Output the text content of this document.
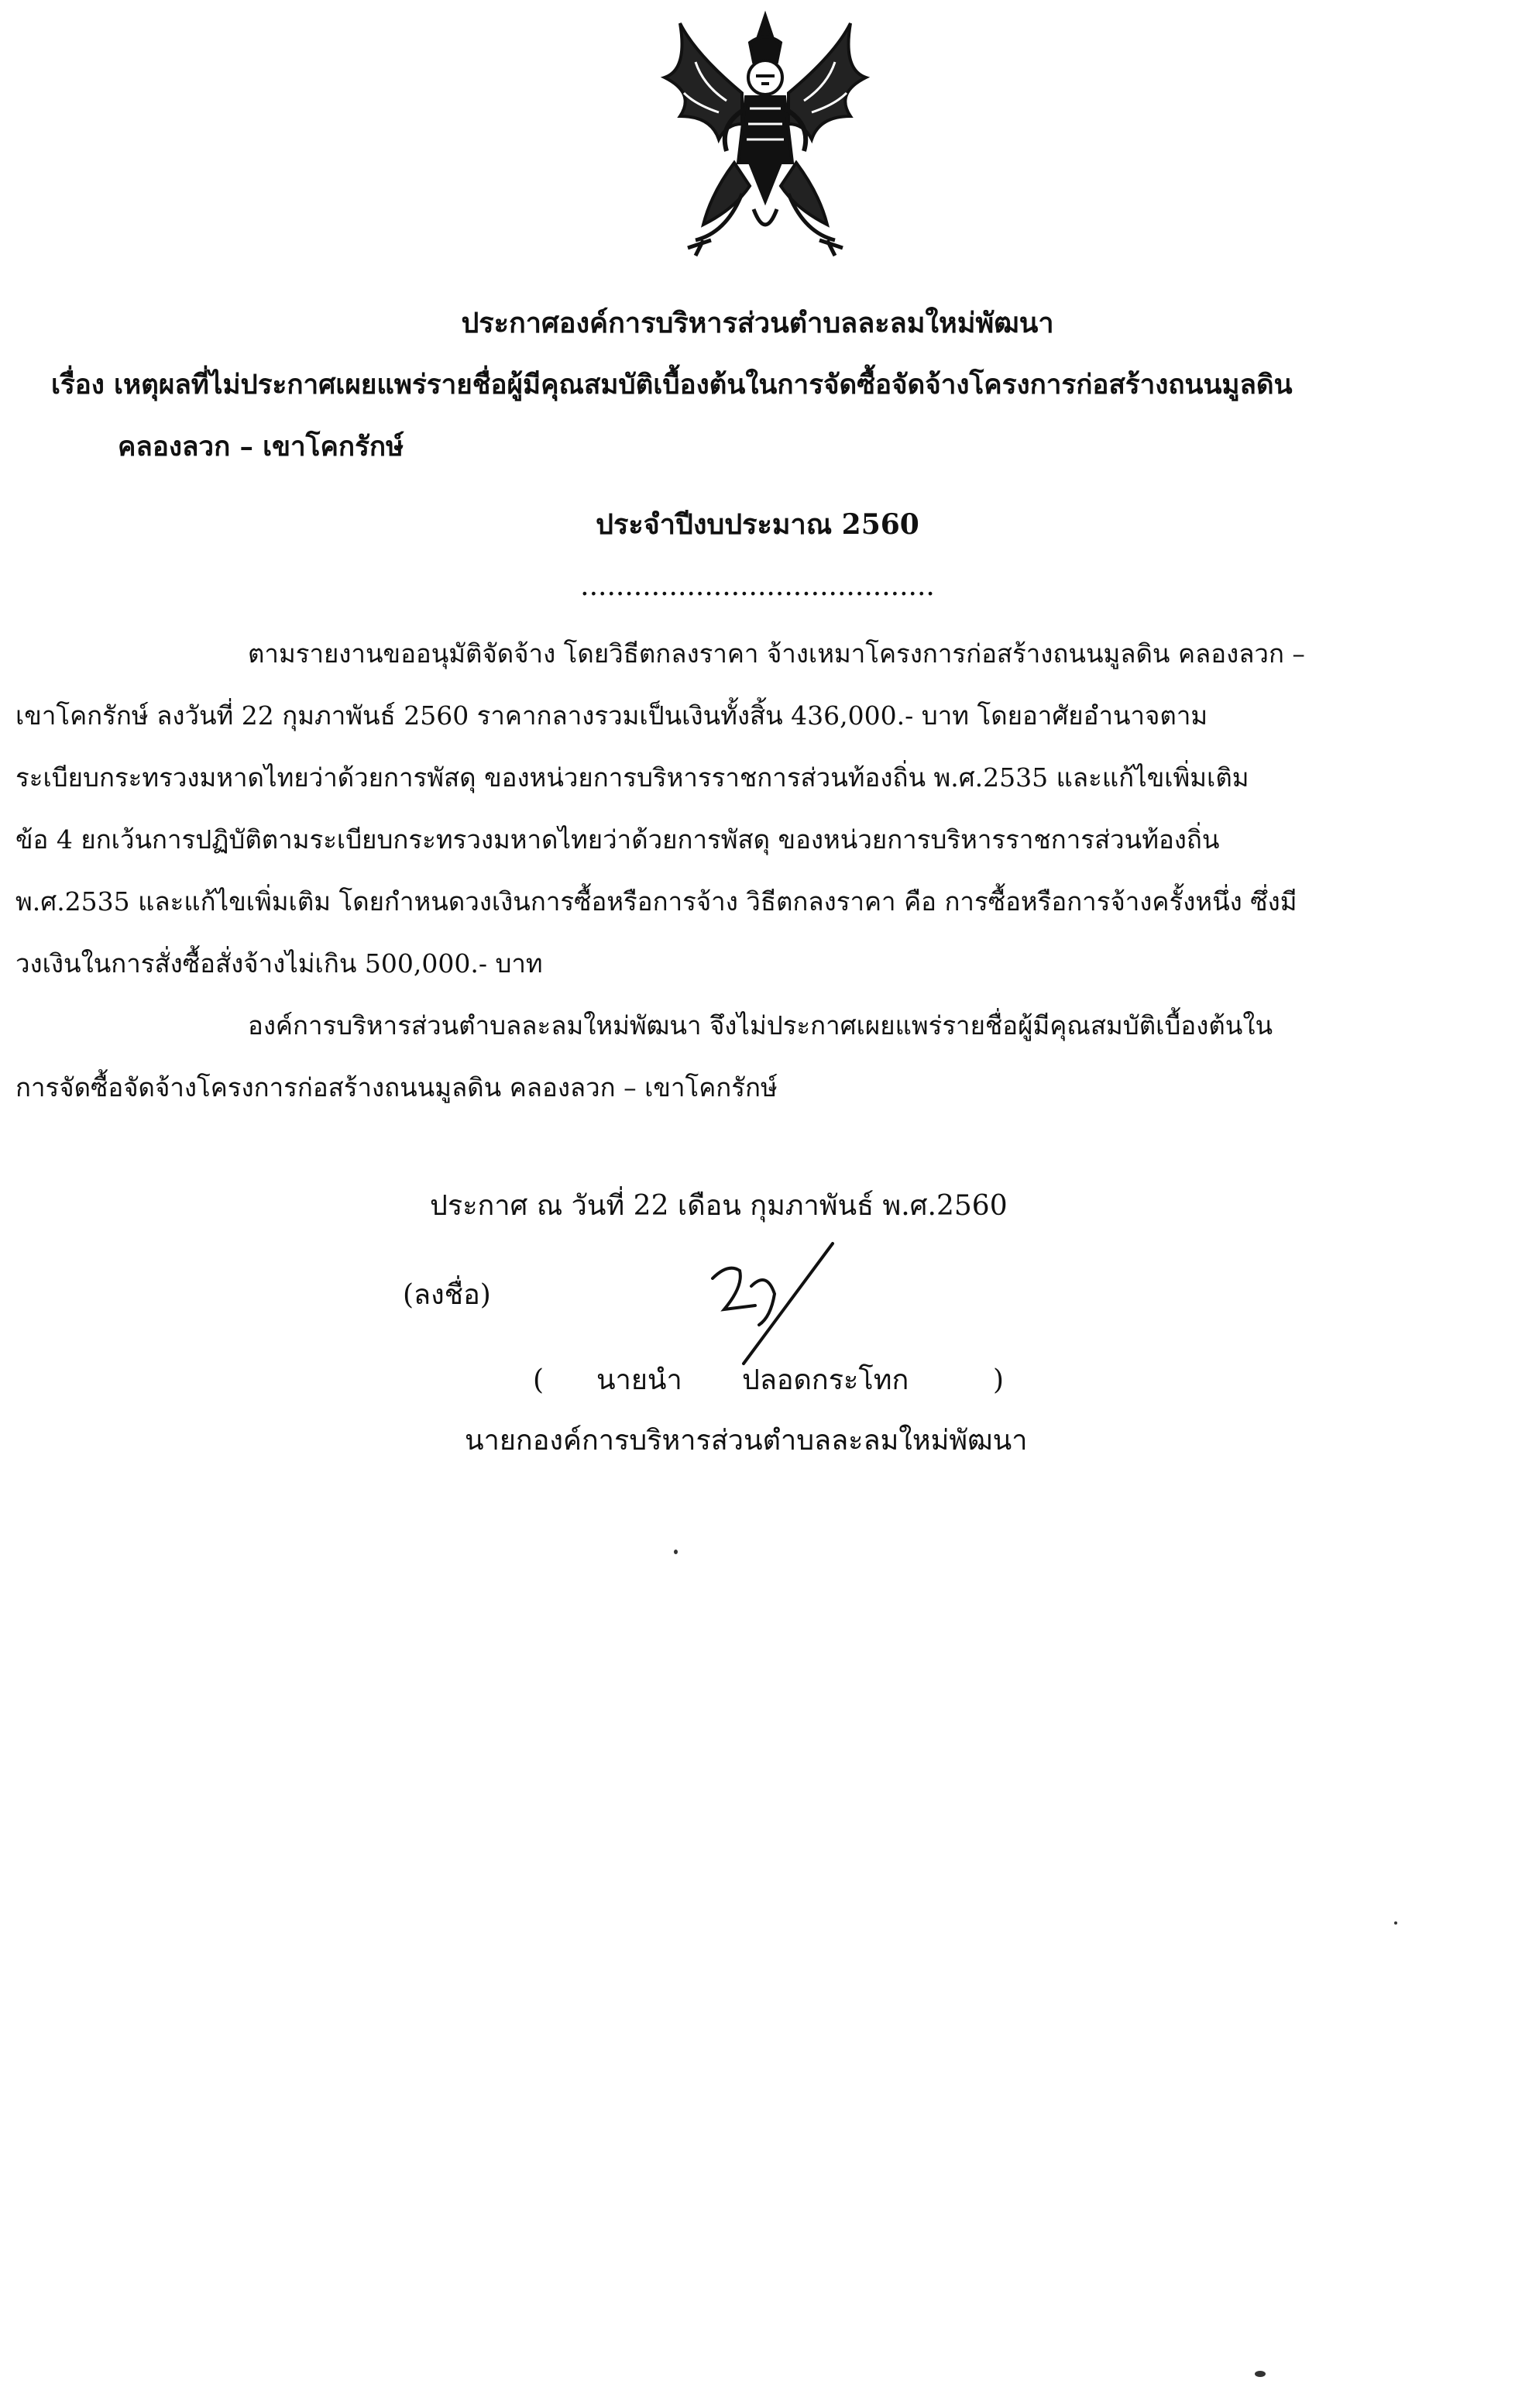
ประกาศองค์การบริหารส่วนตำบลละลมใหม่พัฒนา
เรื่อง เหตุผลที่ไม่ประกาศเผยแพร่รายชื่อผู้มีคุณสมบัติเบื้องต้นในการจัดซื้อจัดจ้างโครงการก่อสร้างถนนมูลดิน
คลองลวก – เขาโคกรักษ์
ประจำปีงบประมาณ 2560
........................................
ตามรายงานขออนุมัติจัดจ้าง โดยวิธีตกลงราคา จ้างเหมาโครงการก่อสร้างถนนมูลดิน คลองลวก –
เขาโคกรักษ์ ลงวันที่ 22 กุมภาพันธ์ 2560 ราคากลางรวมเป็นเงินทั้งสิ้น 436,000.- บาท โดยอาศัยอำนาจตาม
ระเบียบกระทรวงมหาดไทยว่าด้วยการพัสดุ ของหน่วยการบริหารราชการส่วนท้องถิ่น พ.ศ.2535 และแก้ไขเพิ่มเติม
ข้อ 4 ยกเว้นการปฏิบัติตามระเบียบกระทรวงมหาดไทยว่าด้วยการพัสดุ ของหน่วยการบริหารราชการส่วนท้องถิ่น
พ.ศ.2535 และแก้ไขเพิ่มเติม โดยกำหนดวงเงินการซื้อหรือการจ้าง วิธีตกลงราคา คือ การซื้อหรือการจ้างครั้งหนึ่ง ซึ่งมี
วงเงินในการสั่งซื้อสั่งจ้างไม่เกิน 500,000.- บาท
องค์การบริหารส่วนตำบลละลมใหม่พัฒนา จึงไม่ประกาศเผยแพร่รายชื่อผู้มีคุณสมบัติเบื้องต้นใน
การจัดซื้อจัดจ้างโครงการก่อสร้างถนนมูลดิน คลองลวก – เขาโคกรักษ์
ประกาศ ณ วันที่ 22 เดือน กุมภาพันธ์ พ.ศ.2560
(ลงชื่อ)
( นายนำ ปลอดกระโทก	)
นายกองค์การบริหารส่วนตำบลละลมใหม่พัฒนา
